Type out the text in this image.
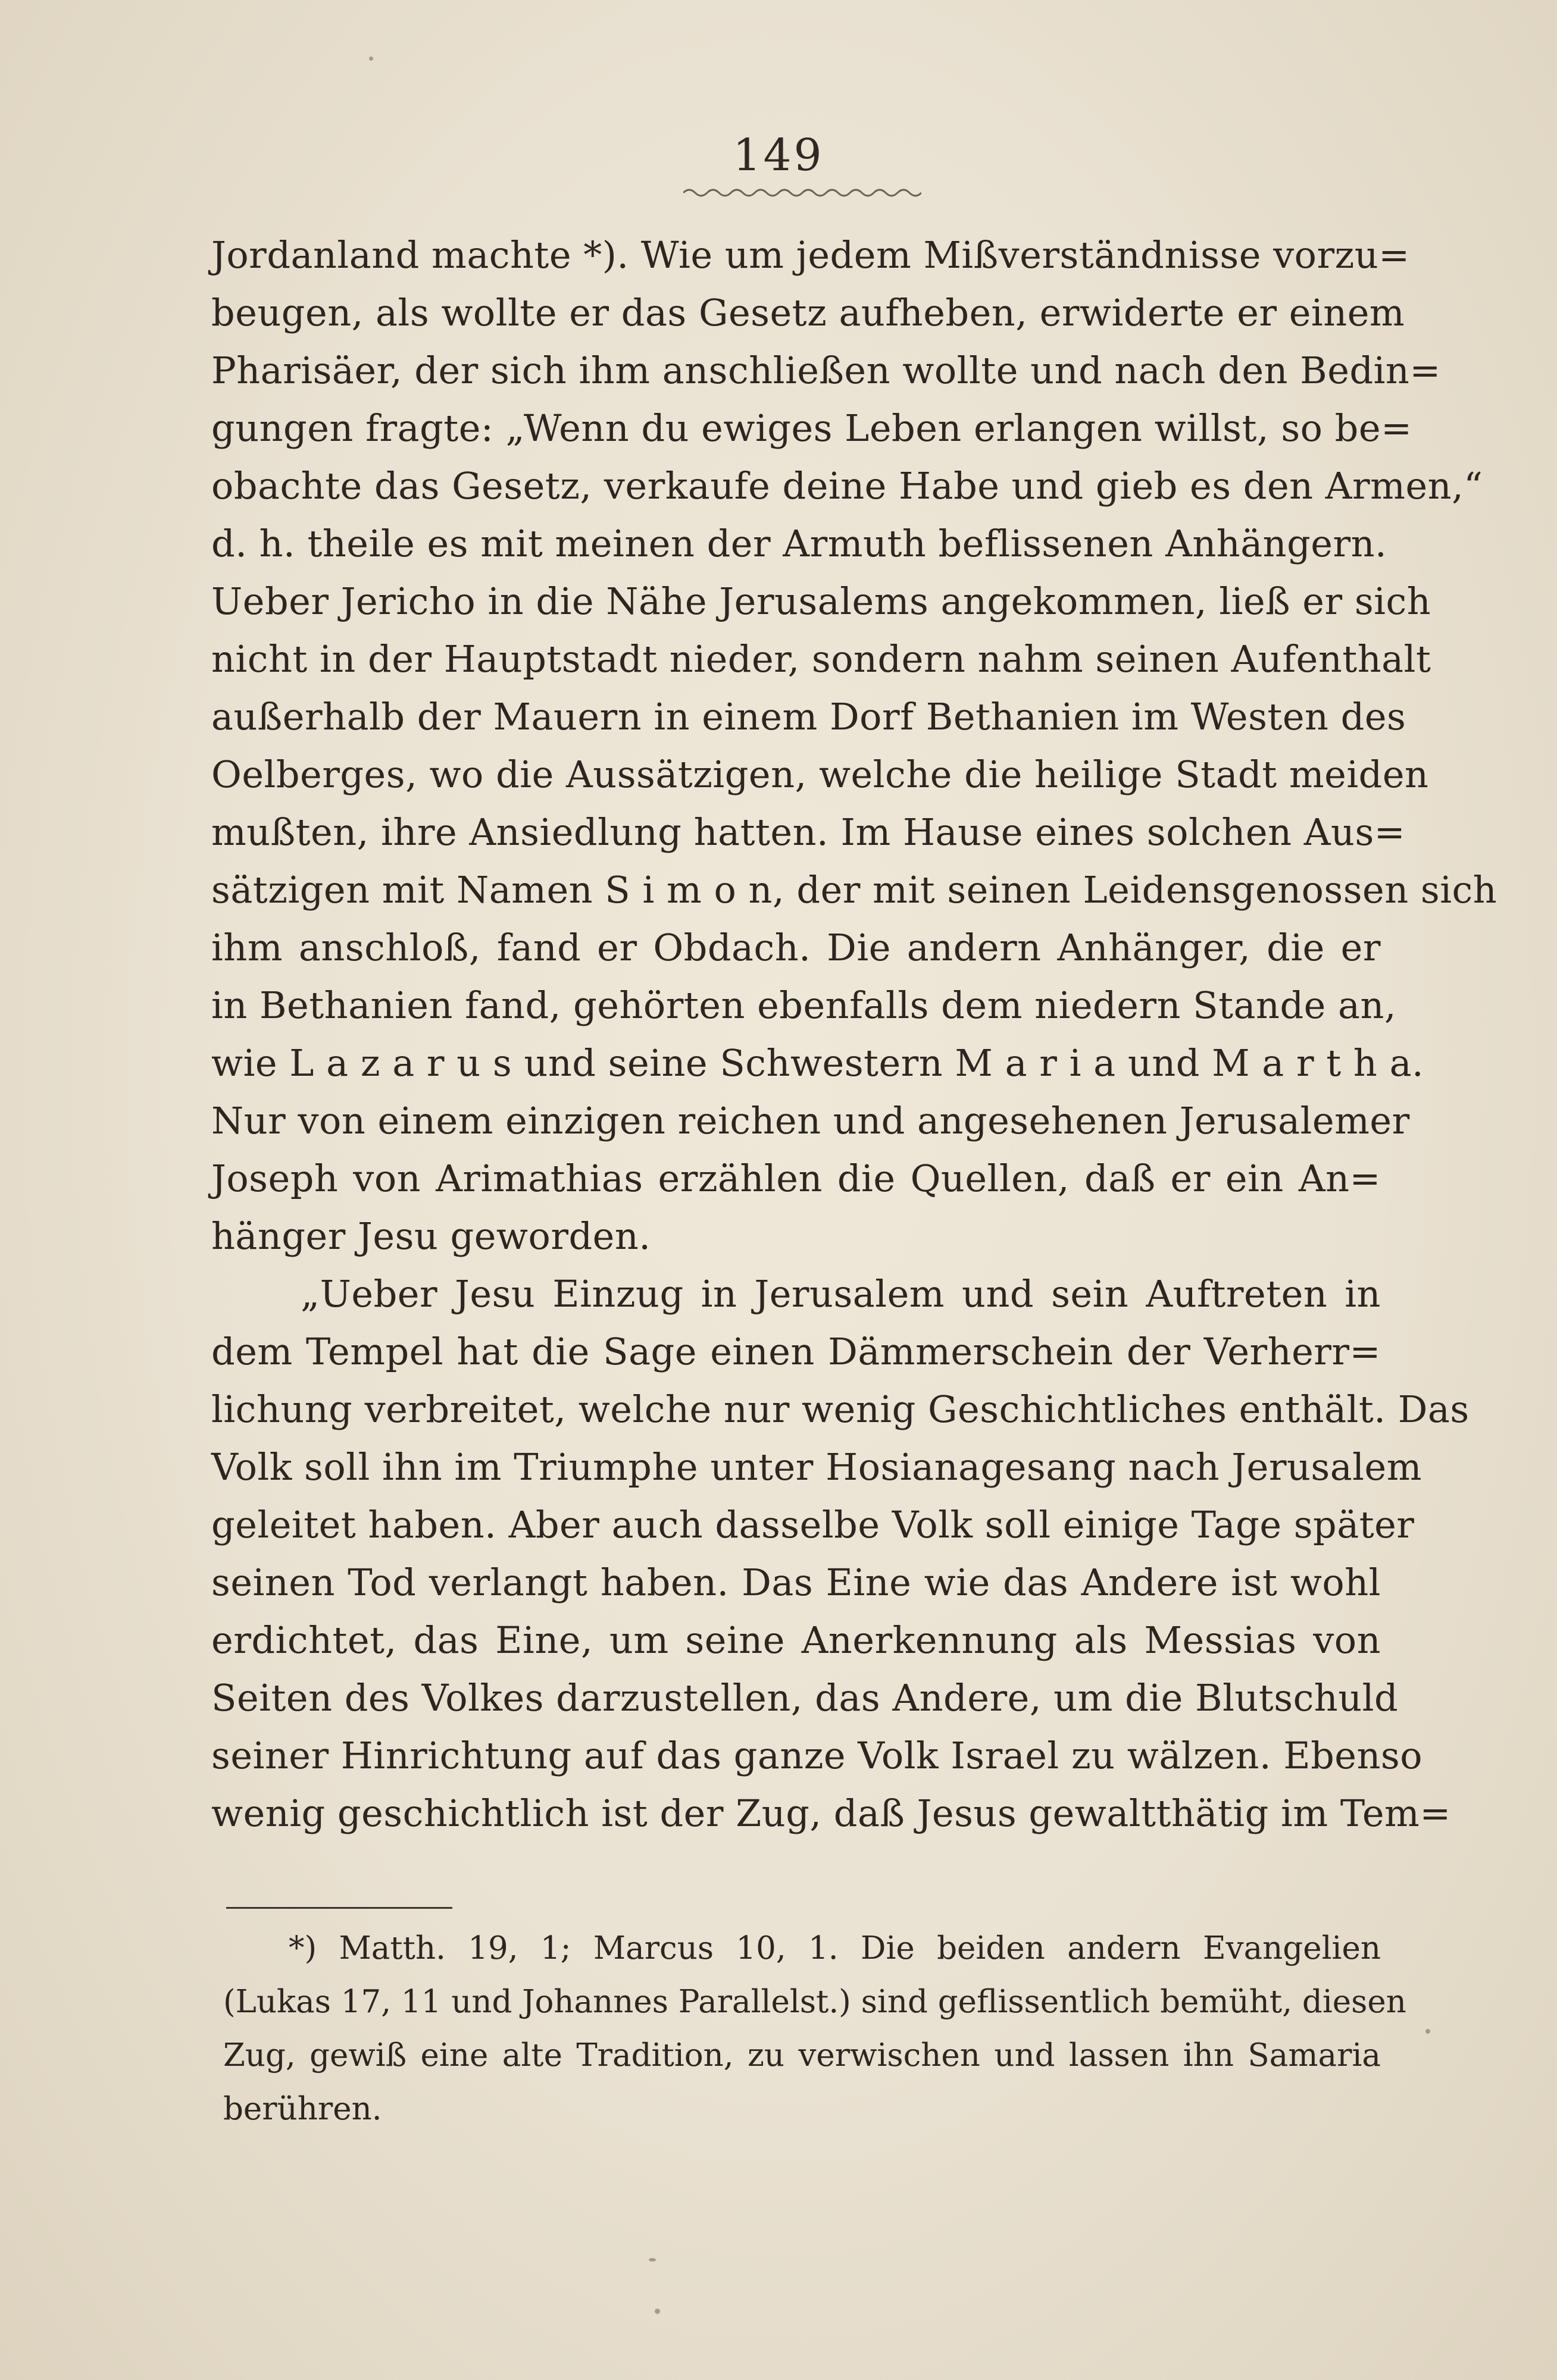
149
Jordanland machte *). Wie um jedem Mißverständnisse vorzu=
beugen, als wollte er das Gesetz aufheben, erwiderte er einem
Pharisäer, der sich ihm anschließen wollte und nach den Bedin=
gungen fragte: „Wenn du ewiges Leben erlangen willst, so be=
obachte das Gesetz, verkaufe deine Habe und gieb es den Armen,“
d. h. theile es mit meinen der Armuth beflissenen Anhängern.
Ueber Jericho in die Nähe Jerusalems angekommen, ließ er sich
nicht in der Hauptstadt nieder, sondern nahm seinen Aufenthalt
außerhalb der Mauern in einem Dorf Bethanien im Westen des
Oelberges, wo die Aussätzigen, welche die heilige Stadt meiden
mußten, ihre Ansiedlung hatten. Im Hause eines solchen Aus=
sätzigen mit Namen S i m o n, der mit seinen Leidensgenossen sich
ihm anschloß, fand er Obdach. Die andern Anhänger, die er
in Bethanien fand, gehörten ebenfalls dem niedern Stande an,
wie L a z a r u s und seine Schwestern M a r i a und M a r t h a.
Nur von einem einzigen reichen und angesehenen Jerusalemer
Joseph von Arimathias erzählen die Quellen, daß er ein An=
hänger Jesu geworden.
„Ueber Jesu Einzug in Jerusalem und sein Auftreten in
dem Tempel hat die Sage einen Dämmerschein der Verherr=
lichung verbreitet, welche nur wenig Geschichtliches enthält. Das
Volk soll ihn im Triumphe unter Hosianagesang nach Jerusalem
geleitet haben. Aber auch dasselbe Volk soll einige Tage später
seinen Tod verlangt haben. Das Eine wie das Andere ist wohl
erdichtet, das Eine, um seine Anerkennung als Messias von
Seiten des Volkes darzustellen, das Andere, um die Blutschuld
seiner Hinrichtung auf das ganze Volk Israel zu wälzen. Ebenso
wenig geschichtlich ist der Zug, daß Jesus gewaltthätig im Tem=
*) Matth. 19, 1; Marcus 10, 1. Die beiden andern Evangelien
(Lukas 17, 11 und Johannes Parallelst.) sind geflissentlich bemüht, diesen
Zug, gewiß eine alte Tradition, zu verwischen und lassen ihn Samaria
berühren.
